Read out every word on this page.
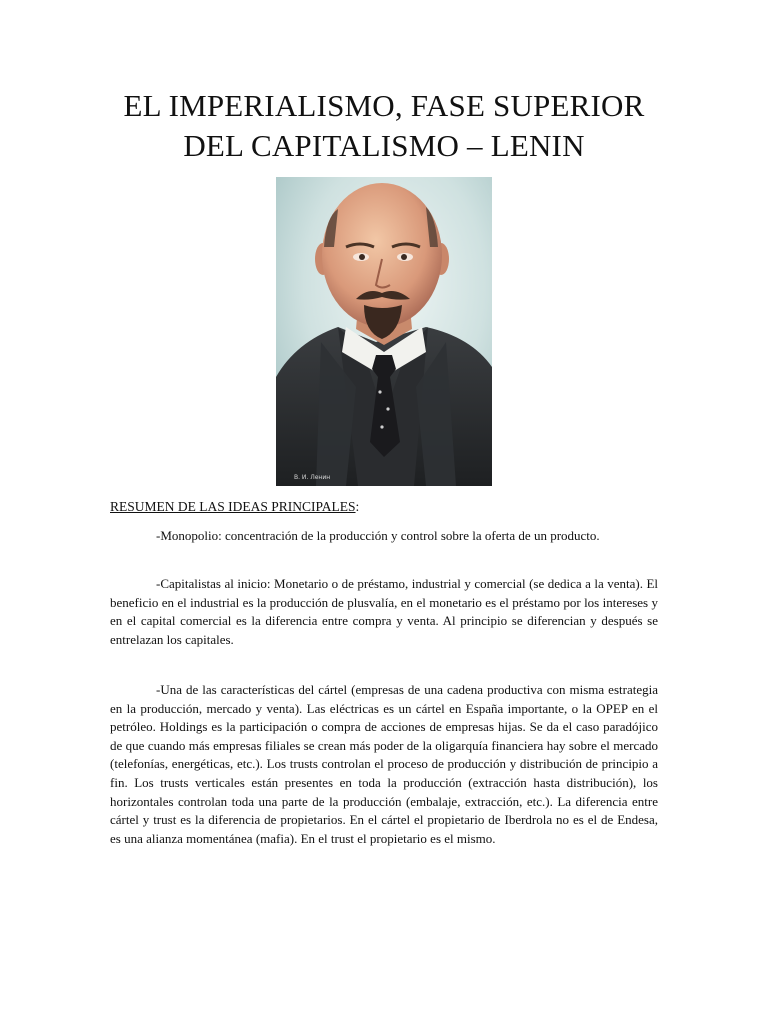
EL IMPERIALISMO, FASE SUPERIOR
DEL CAPITALISMO – LENIN
В. И. Ленин
RESUMEN DE LAS IDEAS PRINCIPALES:

-Monopolio: concentración de la producción y control sobre la oferta de un producto.

-Capitalistas al inicio: Monetario o de préstamo, industrial y comercial (se dedica a la venta). El beneficio en el industrial es la producción de plusvalía, en el monetario es el préstamo por los intereses y en el capital comercial es la diferencia entre compra y venta. Al principio se diferencian y después se entrelazan los capitales.

-Una de las características del cártel (empresas de una cadena productiva con misma estrategia en la producción, mercado y venta). Las eléctricas es un cártel en España importante, o la OPEP en el petróleo. Holdings es la participación o compra de acciones de empresas hijas. Se da el caso paradójico de que cuando más empresas filiales se crean más poder de la oligarquía financiera hay sobre el mercado (telefonías, energéticas, etc.). Los trusts controlan el proceso de producción y distribución de principio a fin. Los trusts verticales están presentes en toda la producción (extracción hasta distribución), los horizontales controlan toda una parte de la producción (embalaje, extracción, etc.). La diferencia entre cártel y trust es la diferencia de propietarios. En el cártel el propietario de Iberdrola no es el de Endesa, es una alianza momentánea (mafia). En el trust el propietario es el mismo.
